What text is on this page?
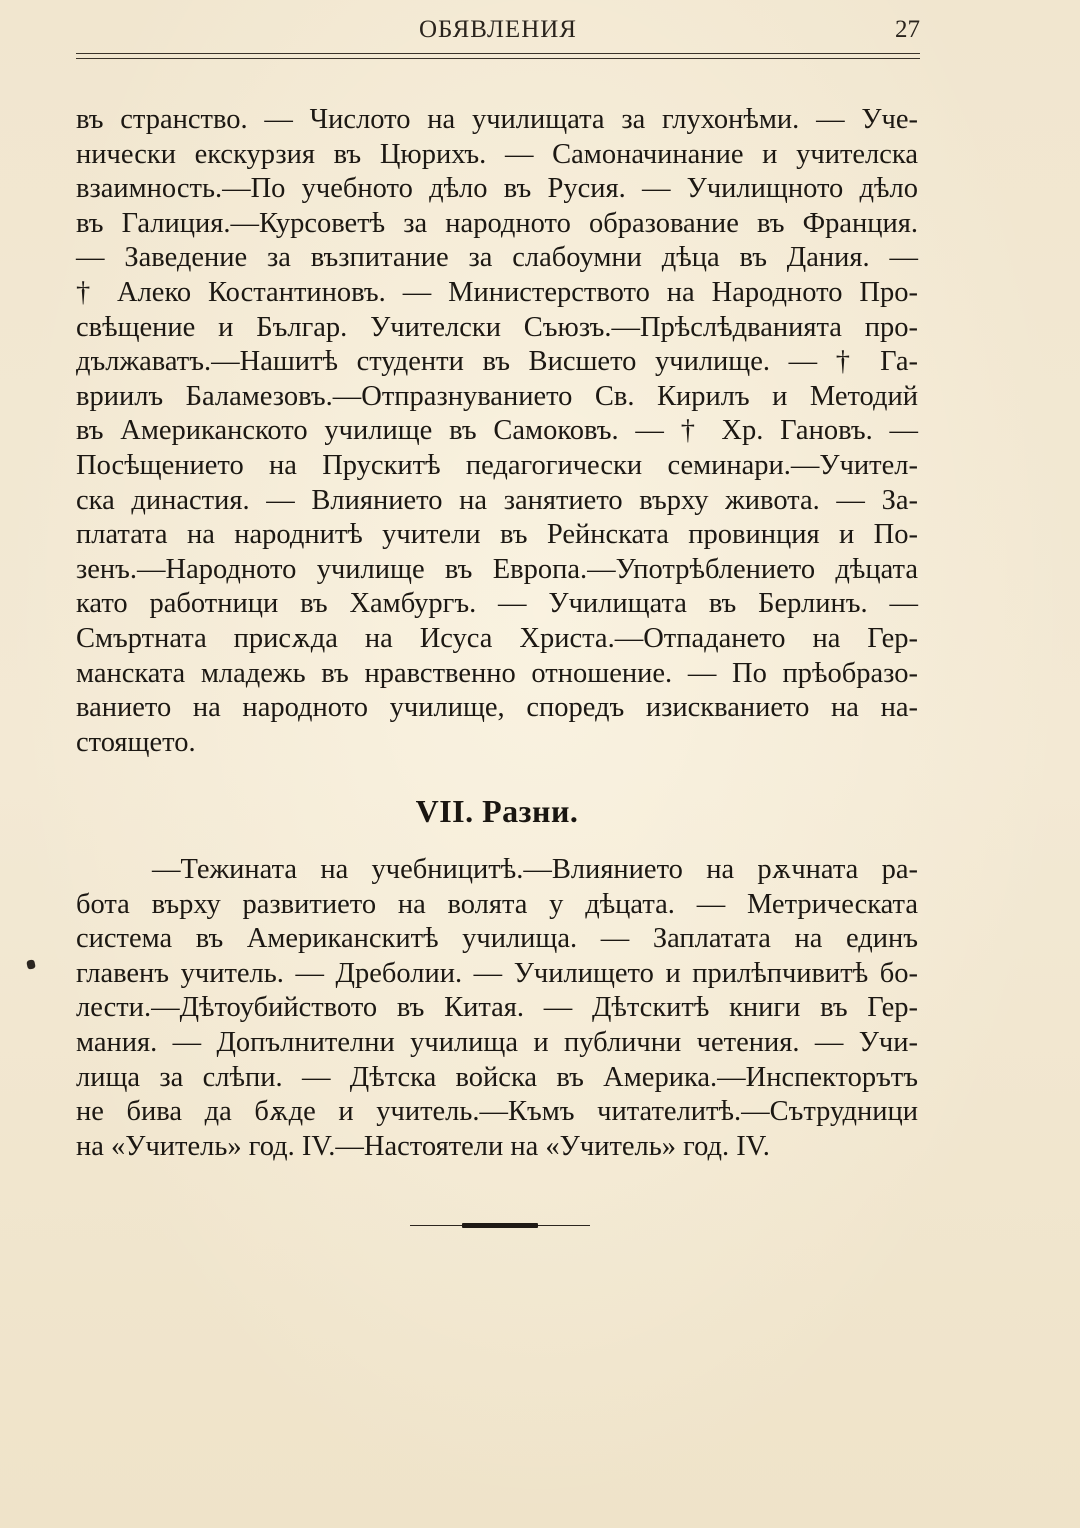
ОБЯВЛЕНИЯ	27
въ странство. — Числото на училищата за глухонѣми. — Уче-
нически екскурзия въ Цюрихъ. — Самоначинание и учителска
взаимность.—По учебното дѣло въ Русия. — Училищното дѣло
въ Галиция.—Курсоветѣ за народното образование въ Франция.
— Заведение за възпитание за слабоумни дѣца въ Дания. —
† Алеко Костантиновъ. — Министерството на Народното Про-
свѣщение и Българ. Учителски Съюзъ.—Прѣслѣдванията про-
дължаватъ.—Нашитѣ студенти въ Висшето училище. — † Га-
вриилъ Баламезовъ.—Отпразнуванието Св. Кирилъ и Методий
въ Американското училище въ Самоковъ. — † Хр. Гановъ. —
Посѣщението на Прускитѣ педагогически семинари.—Учител-
ска династия. — Влиянието на занятието върху живота. — За-
платата на народнитѣ учители въ Рейнската провинция и По-
зенъ.—Народното училище въ Европа.—Употрѣблението дѣцата
като работници въ Хамбургъ. — Училищата въ Берлинъ. —
Смъртната присѫда на Исуса Христа.—Отпадането на Гер-
манската младежь въ нравственно отношение. — По прѣобразо-
ванието на народното училище, споредъ изискванието на на-
стоящето.
VII. Разни.
—Тежината на учебницитѣ.—Влиянието на рѫчната ра-
бота върху развитието на волята у дѣцата. — Метрическата
система въ Американскитѣ училища. — Заплатата на единъ
главенъ учитель. — Дреболии. — Училището и прилѣпчивитѣ бо-
лести.—Дѣтоубийството въ Китая. — Дѣтскитѣ книги въ Гер-
мания. — Допълнителни училища и публични четения. — Учи-
лища за слѣпи. — Дѣтска войска въ Америка.—Инспекторътъ
не бива да бѫде и учитель.—Къмъ читателитѣ.—Сътрудници
на «Учитель» год. IV.—Настоятели на «Учитель» год. IV.
